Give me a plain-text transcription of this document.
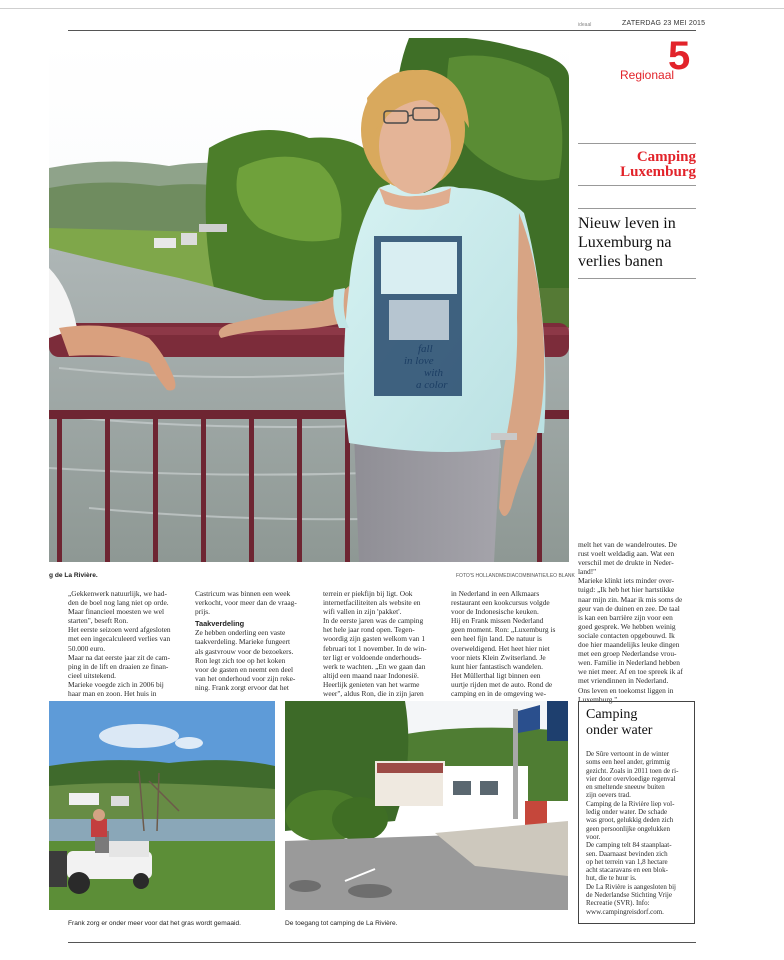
ideaal	ZATERDAG 23 MEI 2015
Regionaal
5
Camping
Luxemburg
Nieuw leven in
Luxemburg na
verlies banen
fall
in love
with
a color
g de La Rivière.	FOTO'S HOLLANDMEDIACOMBINATIE/LEO BLANK

„Gekkenwerk natuurlijk, we had-

den de boel nog lang niet op orde.

Maar financieel moesten we wel

starten", beseft Ron.

Het eerste seizoen werd afgesloten

met een ingecalculeerd verlies van

50.000 euro.

Maar na dat eerste jaar zit de cam-

ping in de lift en draaien ze finan-

cieel uitstekend.

Marieke voegde zich in 2006 bij

haar man en zoon. Het huis in

Castricum was binnen een week

verkocht, voor meer dan de vraag-

prijs.

Taakverdeling

Ze hebben onderling een vaste

taakverdeling. Marieke fungeert

als gastvrouw voor de bezoekers.

Ron legt zich toe op het koken

voor de gasten en neemt een deel

van het onderhoud voor zijn reke-

ning. Frank zorgt ervoor dat het

terrein er piekfijn bij ligt. Ook

internetfaciliteiten als website en

wifi vallen in zijn 'pakket'.

In de eerste jaren was de camping

het hele jaar rond open. Tegen-

woordig zijn gasten welkom van 1

februari tot 1 november. In de win-

ter ligt er voldoende onderhouds-

werk te wachten. „En we gaan dan

altijd een maand naar Indonesië.

Heerlijk genieten van het warme

weer", aldus Ron, die in zijn jaren

in Nederland in een Alkmaars

restaurant een kookcursus volgde

voor de Indonesische keuken.

Hij en Frank missen Nederland

geen moment. Ron: „Luxemburg is

een heel fijn land. De natuur is

overweldigend. Het heet hier niet

voor niets Klein Zwitserland. Je

kunt hier fantastisch wandelen.

Het Müllerthal ligt binnen een

uurtje rijden met de auto. Rond de

camping en in de omgeving we-

melt het van de wandelroutes. De

rust voelt weldadig aan. Wat een

verschil met de drukte in Neder-

land!"

Marieke klinkt iets minder over-

tuigd: „Ik heb het hier hartstikke

naar mijn zin. Maar ik mis soms de

geur van de duinen en zee. De taal

is kan een barrière zijn voor een

goed gesprek. We hebben weinig

sociale contacten opgebouwd. Ik

doe hier maandelijks leuke dingen

met een groep Nederlandse vrou-

wen. Familie in Nederland hebben

we niet meer. Af en toe spreek ik af

met vriendinnen in Nederland.

Ons leven en toekomst liggen in

Luxemburg."

Frank zorg er onder meer voor dat het gras wordt gemaaid.	De toegang tot camping de La Rivière.
Camping
onder water

De Sûre vertoont in de winter

soms een heel ander, grimmig

gezicht. Zoals in 2011 toen de ri-

vier door overvloedige regenval

en smeltende sneeuw buiten

zijn oevers trad.

Camping de la Rivière liep vol-

ledig onder water. De schade

was groot, gelukkig deden zich

geen persoonlijke ongelukken

voor.

De camping telt 84 staanplaat-

sen. Daarnaast bevinden zich

op het terrein van 1,8 hectare

acht stacaravans en een blok-

hut, die te huur is.

De La Rivière is aangesloten bij

de Nederlandse Stichting Vrije

Recreatie (SVR). Info:

www.campingreisdorf.com.
